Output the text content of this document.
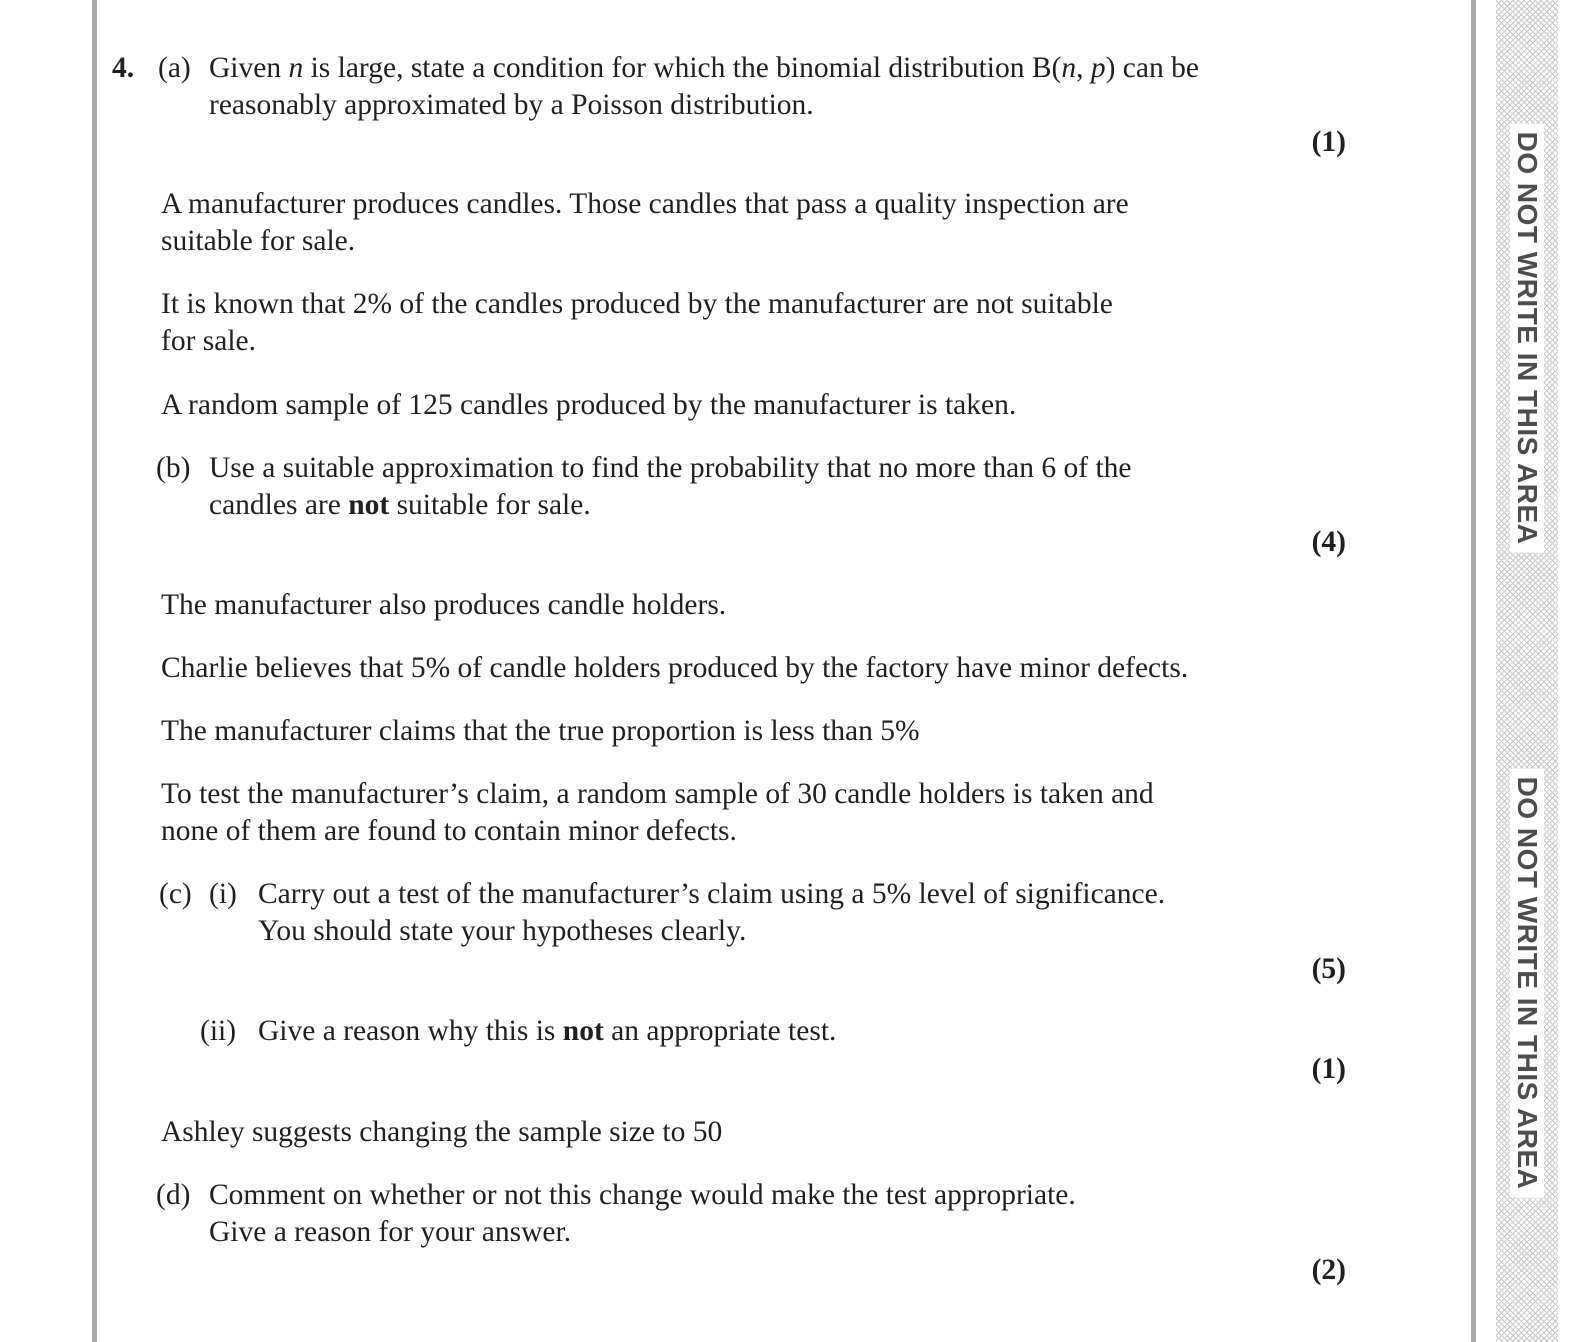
DO NOT WRITE IN THIS AREA
DO NOT WRITE IN THIS AREA
4. (a) Given n is large, state a condition for which the binomial distribution B(n, p) can be
reasonably approximated by a Poisson distribution.
(1)
A manufacturer produces candles. Those candles that pass a quality inspection are
suitable for sale.
It is known that 2% of the candles produced by the manufacturer are not suitable
for sale.
A random sample of 125 candles produced by the manufacturer is taken.
(b) Use a suitable approximation to find the probability that no more than 6 of the
candles are not suitable for sale.
(4)
The manufacturer also produces candle holders.
Charlie believes that 5% of candle holders produced by the factory have minor defects.
The manufacturer claims that the true proportion is less than 5%
To test the manufacturer’s claim, a random sample of 30 candle holders is taken and
none of them are found to contain minor defects.
(c) (i) Carry out a test of the manufacturer’s claim using a 5% level of significance.
You should state your hypotheses clearly.
(5)
(ii) Give a reason why this is not an appropriate test.
(1)
Ashley suggests changing the sample size to 50
(d) Comment on whether or not this change would make the test appropriate.
Give a reason for your answer.
(2)
